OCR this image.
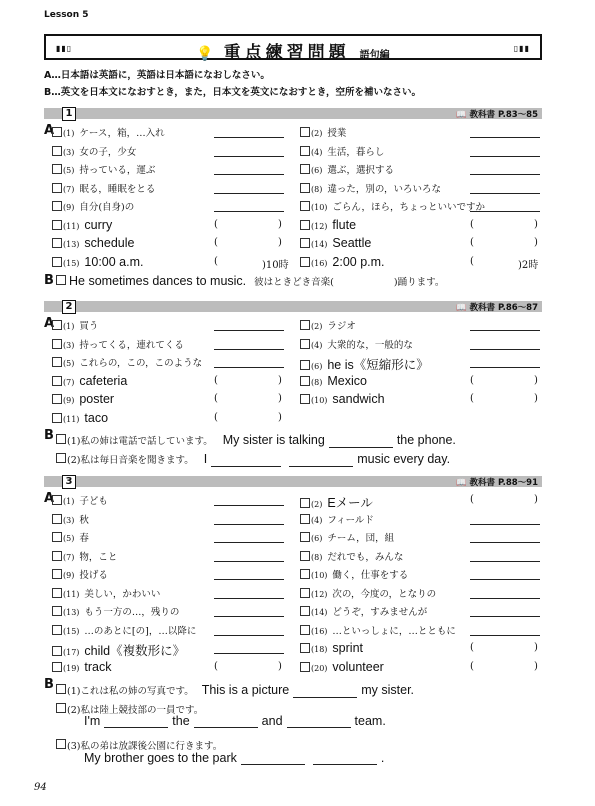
Lesson 5
▮▮▯	💡 重点練習問題 語句編
▯▮▮
A…日本語は英語に，英語は日本語になおしなさい。
B…英文を日本文になおすとき，また，日本文を英文になおすとき，空所を補いなさい。
1	📖 教科書 P.83〜85
A	(1) ケース，箱，…入れ	(2) 授業
(3) 女の子，少女	(4) 生活，暮らし
(5) 持っている，運ぶ	(6) 選ぶ，選択する
(7) 眠る，睡眠をとる	(8) 違った，別の，いろいろな
(9) 自分(自身)の	(10) ごらん，ほら，ちょっといいですか
(11) curry	(	)	(12) flute	(	)
(13) schedule	(	)	(14) Seattle	(	)
(15) 10:00 a.m.	(	)10時	(16) 2:00 p.m.	(	)2時
B	He sometimes dances to music. 彼はときどき音楽(	)踊ります。
2	📖 教科書 P.86〜87
A	(1) 買う	(2) ラジオ
(3) 持ってくる，連れてくる	(4) 大衆的な，一般的な
(5) これらの，この，このような	(6) he is《短縮形に》
(7) cafeteria	(	)	(8) Mexico	(	)
(9) poster	(	)	(10) sandwich	(	)
(11) taco	(	)
B	(1)私の姉は電話で話しています。 My sister is talking	the phone.
(2)私は毎日音楽を聞きます。 I	music every day.
3	📖 教科書 P.88〜91
A	(1) 子ども	(2) Eメール	(	)
(3) 秋	(4) フィールド
(5) 春	(6) チーム，団，組
(7) 物，こと	(8) だれでも，みんな
(9) 投げる	(10) 働く，仕事をする
(11) 美しい，かわいい	(12) 次の，今度の，となりの
(13) もう一方の…，残りの	(14) どうぞ，すみませんが
(15) …のあとに[の]，…以降に	(16) …といっしょに，…とともに
(17) child《複数形に》	(18) sprint	(	)
(19) track	(	)	(20) volunteer	(	)
B	(1)これは私の姉の写真です。 This is a picture	my sister.
(2)私は陸上競技部の一員です。
I'm	the	and	team.
(3)私の弟は放課後公園に行きます。
My brother goes to the park	.
94
